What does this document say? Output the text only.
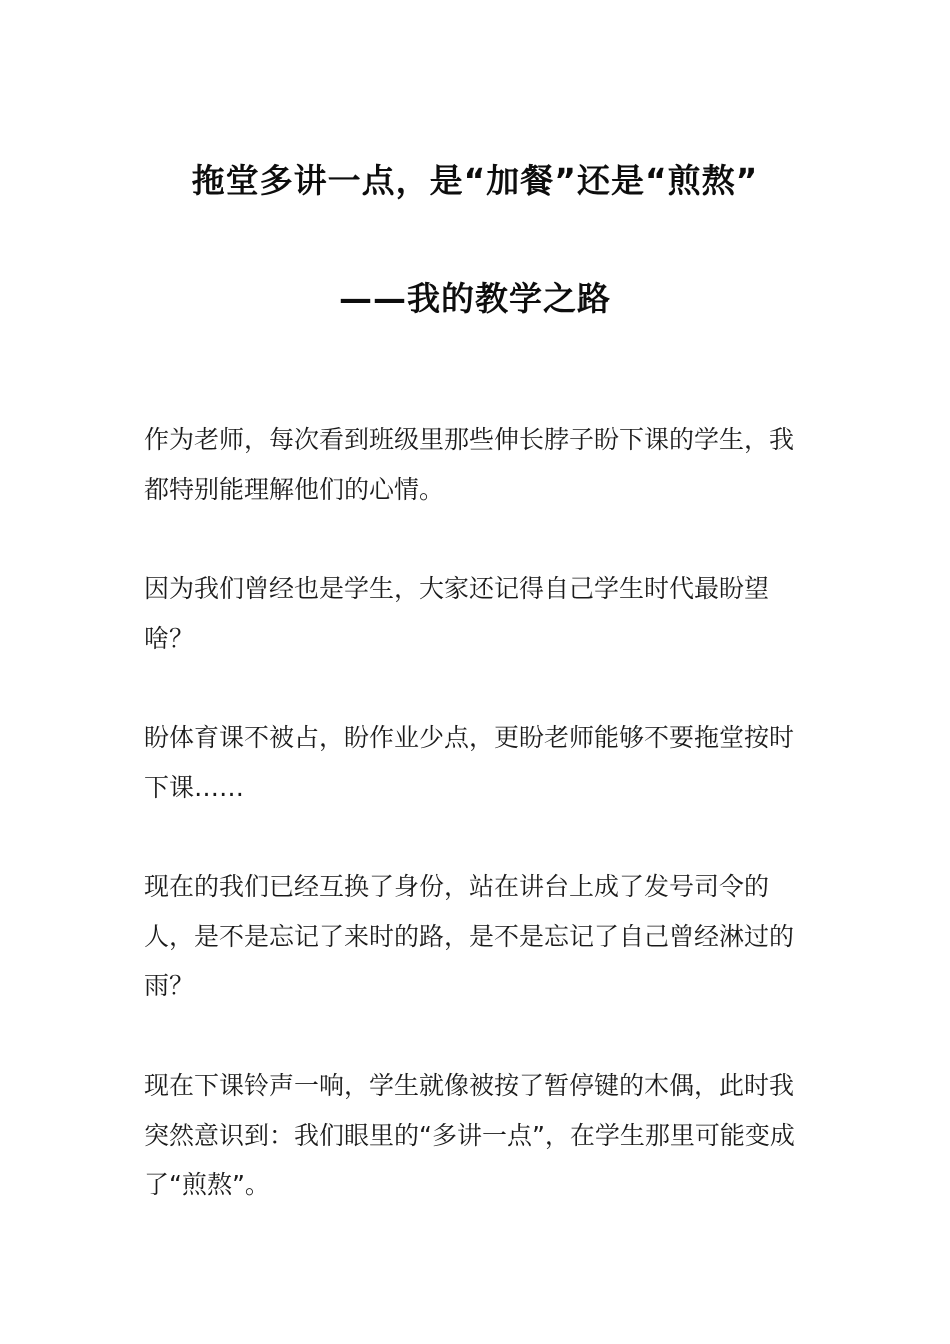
拖堂多讲一点，是“加餐”还是“煎熬”
——我的教学之路

作为老师，每次看到班级里那些伸长脖子盼下课的学生，我都特别能理解他们的心情。

因为我们曾经也是学生，大家还记得自己学生时代最盼望啥？

盼体育课不被占，盼作业少点，更盼老师能够不要拖堂按时下课……

现在的我们已经互换了身份，站在讲台上成了发号司令的人，是不是忘记了来时的路，是不是忘记了自己曾经淋过的雨？

现在下课铃声一响，学生就像被按了暂停键的木偶，此时我突然意识到：我们眼里的“多讲一点”，在学生那里可能变成了“煎熬”。
